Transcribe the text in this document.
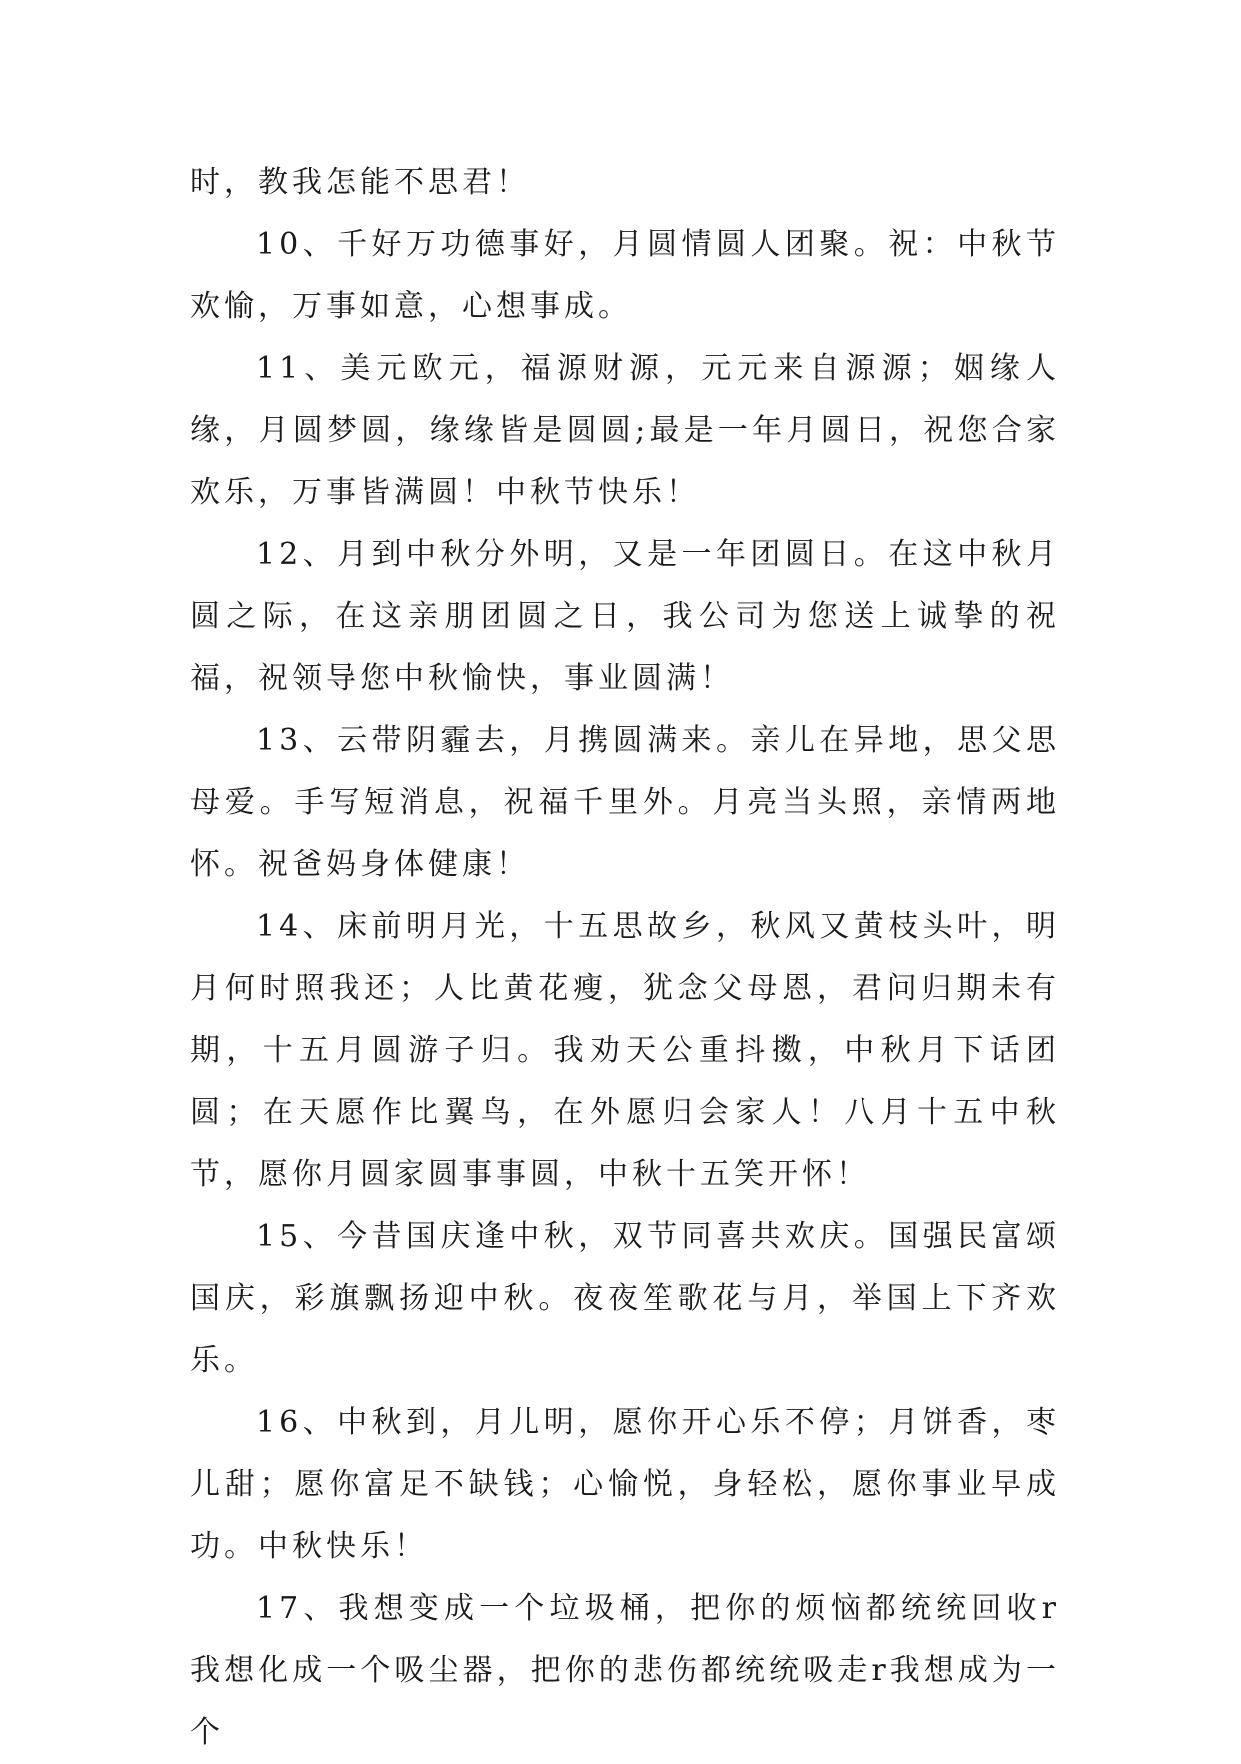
时，教我怎能不思君！

10、千好万功德事好，月圆情圆人团聚。祝：中秋节欢愉，万事如意，心想事成。

11、美元欧元，福源财源，元元来自源源；姻缘人缘，月圆梦圆，缘缘皆是圆圆;最是一年月圆日，祝您合家欢乐，万事皆满圆！中秋节快乐！

12、月到中秋分外明，又是一年团圆日。在这中秋月圆之际，在这亲朋团圆之日，我公司为您送上诚挚的祝福，祝领导您中秋愉快，事业圆满！

13、云带阴霾去，月携圆满来。亲儿在异地，思父思母爱。手写短消息，祝福千里外。月亮当头照，亲情两地怀。祝爸妈身体健康！

14、床前明月光，十五思故乡，秋风又黄枝头叶，明月何时照我还；人比黄花瘦，犹念父母恩，君问归期未有期，十五月圆游子归。我劝天公重抖擞，中秋月下话团圆；在天愿作比翼鸟，在外愿归会家人！八月十五中秋节，愿你月圆家圆事事圆，中秋十五笑开怀！

15、今昔国庆逢中秋，双节同喜共欢庆。国强民富颂国庆，彩旗飘扬迎中秋。夜夜笙歌花与月，举国上下齐欢乐。

16、中秋到，月儿明，愿你开心乐不停；月饼香，枣儿甜；愿你富足不缺钱；心愉悦，身轻松，愿你事业早成功。中秋快乐！

17、我想变成一个垃圾桶，把你的烦恼都统统回收r我想化成一个吸尘器，把你的悲伤都统统吸走r我想成为一个
